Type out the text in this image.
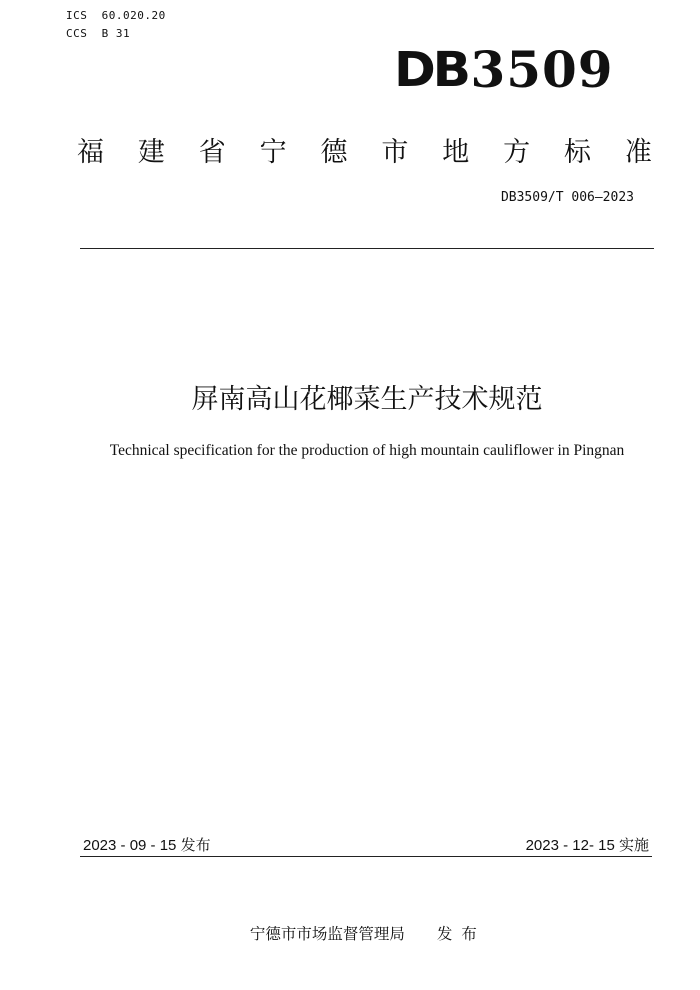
ICS  60.020.20
CCS  B 31
DB 3509
福 建 省 宁 德 市 地 方 标 准
DB3509/T 006—2023
屏南高山花椰菜生产技术规范
Technical specification for the production of high mountain cauliflower in Pingnan
2023 - 09 - 15 发布	2023 - 12- 15 实施

宁德市市场监督管理局 发布
